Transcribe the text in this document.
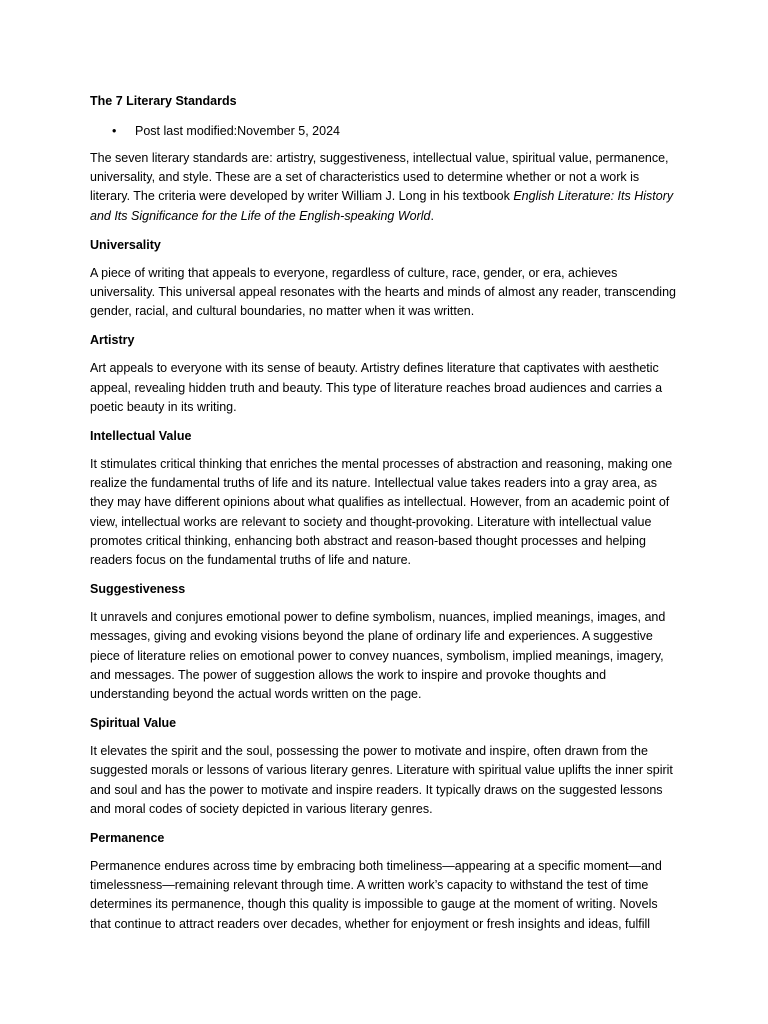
The 7 Literary Standards
• Post last modified:November 5, 2024

The seven literary standards are: artistry, suggestiveness, intellectual value, spiritual value, permanence, universality, and style. These are a set of characteristics used to determine whether or not a work is literary. The criteria were developed by writer William J. Long in his textbook English Literature: Its History and Its Significance for the Life of the English-speaking World.

Universality

A piece of writing that appeals to everyone, regardless of culture, race, gender, or era, achieves universality. This universal appeal resonates with the hearts and minds of almost any reader, transcending gender, racial, and cultural boundaries, no matter when it was written.

Artistry

Art appeals to everyone with its sense of beauty. Artistry defines literature that captivates with aesthetic appeal, revealing hidden truth and beauty. This type of literature reaches broad audiences and carries a poetic beauty in its writing.

Intellectual Value

It stimulates critical thinking that enriches the mental processes of abstraction and reasoning, making one realize the fundamental truths of life and its nature. Intellectual value takes readers into a gray area, as they may have different opinions about what qualifies as intellectual. However, from an academic point of view, intellectual works are relevant to society and thought-provoking. Literature with intellectual value promotes critical thinking, enhancing both abstract and reason-based thought processes and helping readers focus on the fundamental truths of life and nature.

Suggestiveness

It unravels and conjures emotional power to define symbolism, nuances, implied meanings, images, and messages, giving and evoking visions beyond the plane of ordinary life and experiences. A suggestive piece of literature relies on emotional power to convey nuances, symbolism, implied meanings, imagery, and messages. The power of suggestion allows the work to inspire and provoke thoughts and understanding beyond the actual words written on the page.

Spiritual Value

It elevates the spirit and the soul, possessing the power to motivate and inspire, often drawn from the suggested morals or lessons of various literary genres. Literature with spiritual value uplifts the inner spirit and soul and has the power to motivate and inspire readers. It typically draws on the suggested lessons and moral codes of society depicted in various literary genres.

Permanence

Permanence endures across time by embracing both timeliness—appearing at a specific moment—and timelessness—remaining relevant through time. A written work’s capacity to withstand the test of time determines its permanence, though this quality is impossible to gauge at the moment of writing. Novels that continue to attract readers over decades, whether for enjoyment or fresh insights and ideas, fulfill
